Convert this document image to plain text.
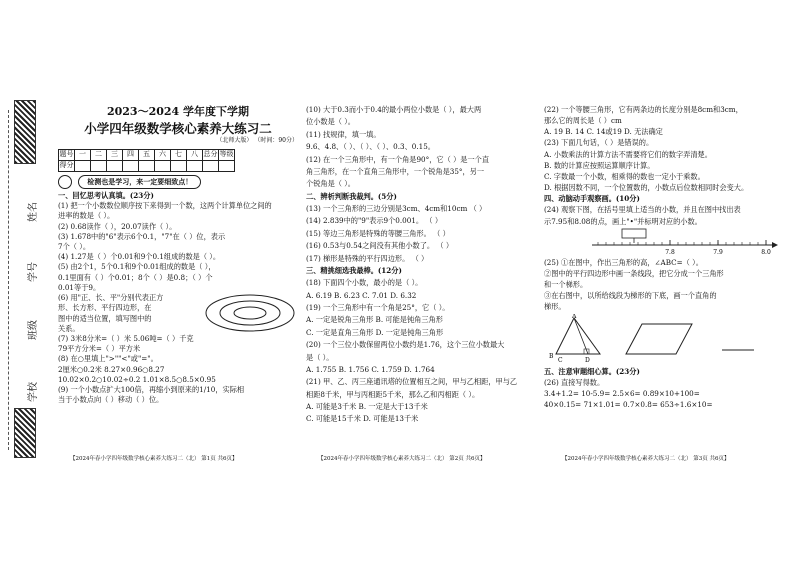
姓名
学号
班级
学校

2023～2024 学年度下学期

小学四年级数学核心素养大练习二

（北师大版） （时间：90分）
题号	一	二	三	四	五	六	七	八	总分	等级
得分										
检测也是学习，来一定要细致点！

一、回忆思考认真填。(23分)

(1) 把一个小数数位顺序按下来得到一个数，这两个计算单位之间的

进率的数是（ ）。

(2) 0.68读作（ ），20.07读作（ ）。

(3) 1.678中的"6"表示6个0.1，"7"在（ ）位，表示

7个（ ）。

(4) 1.27是（ ）个0.01和9个0.1组成的数是（ ）。

(5) 由2个1，5个0.1和9个0.01组成的数是（ ），

0.1里面有（ ）个0.01；8个（ ）是0.8；（ ）个

0.01等于9。

(6) 用"正、长、平"分别代表正方

形、长方形、平行四边形，在

图中的适当位置，填写图中的

关系。

(7) 3米8分米=（ ）米 5.06吨=（ ）千克

79平方分米=（ ）平方米

(8) 在○里填上">""<"或"="。

2厘米○0.2米 8.27×0.96○8.27

10.02×0.2○10.02÷0.2 1.01×8.5○8.5×0.95

(9) 一个小数点扩大100倍，再缩小到原来的1/10，实际相

当于小数点向（ ）移动（ ）位。

(10) 大于0.3而小于0.4的最小两位小数是（ ），最大两

位小数是（ ）。

(11) 找规律，填一填。

9.6、4.8、（ ）、（ ）、（ ）、0.3、0.15。

(12) 在一个三角形中，有一个角是90°，它（ ）是一个直

角三角形，在一个直角三角形中，一个锐角是35°，另一

个锐角是（ ）。

二、辨析判断我裁判。(5分)

(13) 一个三角形的三边分别是3cm、4cm和10cm （ ）

(14) 2.839中的"9"表示9个0.001。 （ ）

(15) 等边三角形是特殊的等腰三角形。 （ ）

(16) 0.53与0.54之间没有其他小数了。 （ ）

(17) 梯形是特殊的平行四边形。 （ ）

三、精挑细选我最棒。(12分)

(18) 下面四个小数，最小的是（ ）。

A. 6.19 B. 6.23 C. 7.01 D. 6.32

(19) 一个三角形中有一个角是25°，它（ ）。

A. 一定是锐角三角形 B. 可能是钝角三角形

C. 一定是直角三角形 D. 一定是钝角三角形

(20) 一个三位小数保留两位小数约是1.76，这个三位小数最大

是（ ）。

A. 1.755 B. 1.756 C. 1.759 D. 1.764

(21) 甲、乙、丙三座通讯塔的位置相互之间，甲与乙相距，甲与乙

相距8千米，甲与丙相距5千米，那么乙和丙相距（ ）。

A. 可能是3千米 B. 一定是大于13千米

C. 可能是15千米 D. 可能是13千米

(22) 一个等腰三角形，它有两条边的长度分别是8cm和3cm，

那么它的周长是（ ）cm

A. 19 B. 14 C. 14或19 D. 无法确定

(23) 下面几句话，（ ）是错误的。

A. 小数乘法的计算方法不需要将它们的数字弄清楚。

B. 数的计算应按照运算顺序计算。

C. 字数最一个小数，相乘得的数也一定小于乘数。

D. 根据因数不同，一个位置数的，小数点后位数相同时会变大。

四、动脑动手观察画。(10分)

(24) 观察下图，在括号里填上适当的小数，并且在图中找出表

示7.95和8.08的点，画上"•"并标明对应的小数。

7.8	7.9	8.0

(25) ①在图中，作出三角形的高，∠ABC=（ ）。

②图中的平行四边形中画一条线段，把它分成一个三角形

和一个梯形。

③在右图中，以所给线段为梯形的下底，画一个直角的

梯形。

A
B
C	D

五、注意审题细心算。(23分)

(26) 直接写得数。

3.4+1.2= 10-5.9= 2.5×6= 0.89×10+100=

40×0.15= 71×1.01= 0.7×0.8= 653÷1.6×10=

【2024年春小学四年级数学核心素养大练习二（北） 第1页 共6页】	【2024年春小学四年级数学核心素养大练习二（北） 第2页 共6页】	【2024年春小学四年级数学核心素养大练习二（北） 第3页 共6页】
